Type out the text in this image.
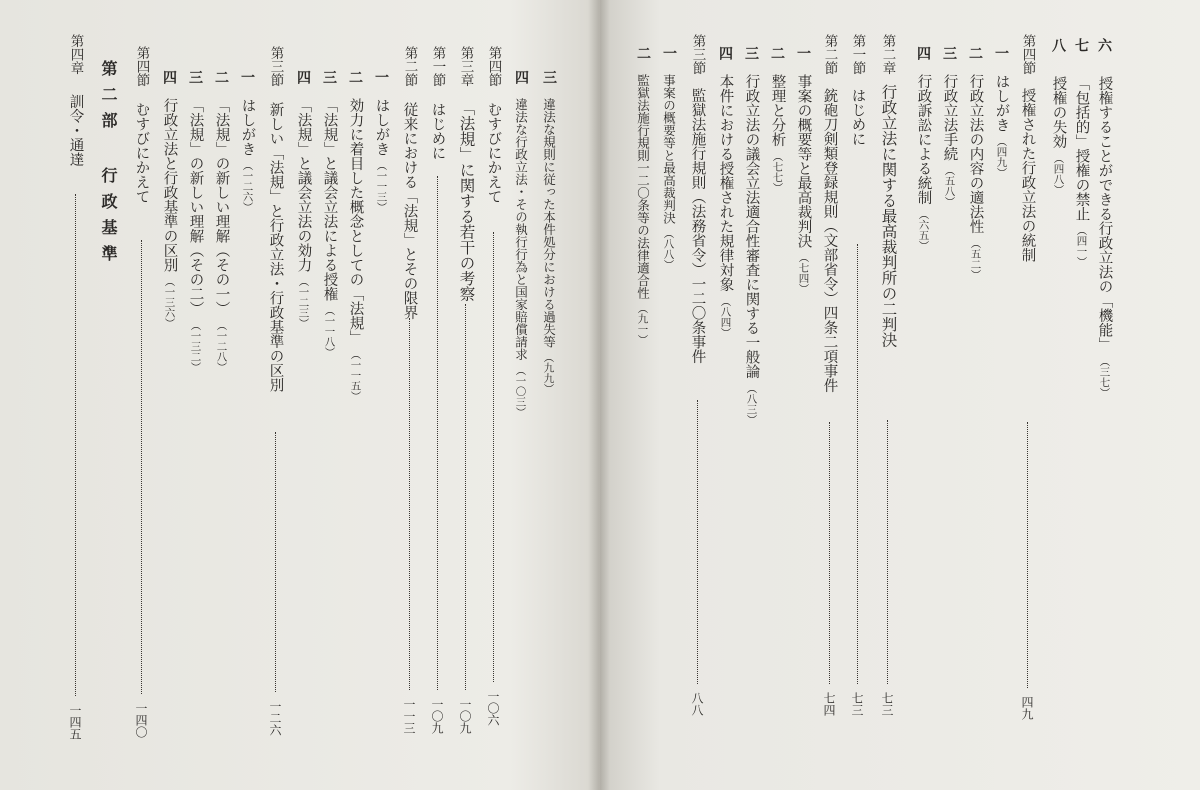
三
違法な規則に従った本件処分における過失等（九九）
四
違法な行政立法・その執行行為と国家賠償請求（一〇三）
第四節
むすびにかえて
一〇六
第三章
「法規」に関する若干の考察
一〇九
第一節
はじめに
一〇九
第二節
従来における「法規」とその限界
一一三
一
はしがき（一一三）
二
効力に着目した概念としての「法規」（一一五）
三
「法規」と議会立法による授権（一一八）
四
「法規」と議会立法の効力（一二三）
第三節
新しい「法規」と行政立法・行政基準の区別
一二六
一
はしがき（一二六）
二
「法規」の新しい理解（その一）（一二八）
三
「法規」の新しい理解（その二）（一三二）
四
行政立法と行政基準の区別（一三六）
第四節
むすびにかえて
一四〇
第二部 行政基準
第四章
訓令・通達
一四五
六
授権することができる行政立法の「機能」（三七）
七
「包括的」授権の禁止（四一）
八
授権の失効（四八）
第四節
授権された行政立法の統制
四九
一
はしがき（四九）
二
行政立法の内容の適法性（五二）
三
行政立法手続（五八）
四
行政訴訟による統制（六五）
第二章
行政立法に関する最高裁判所の二判決
七三
第一節
はじめに
七三
第二節
銃砲刀剣類登録規則（文部省令）四条二項事件
七四
一
事案の概要等と最高裁判決（七四）
二
整理と分析（七七）
三
行政立法の議会立法適合性審査に関する一般論（八三）
四
本件における授権された規律対象（八四）
第三節
監獄法施行規則（法務省令）一二〇条事件
八八
一
事案の概要等と最高裁判決（八八）
二
監獄法施行規則一二〇条等の法律適合性（九一）
